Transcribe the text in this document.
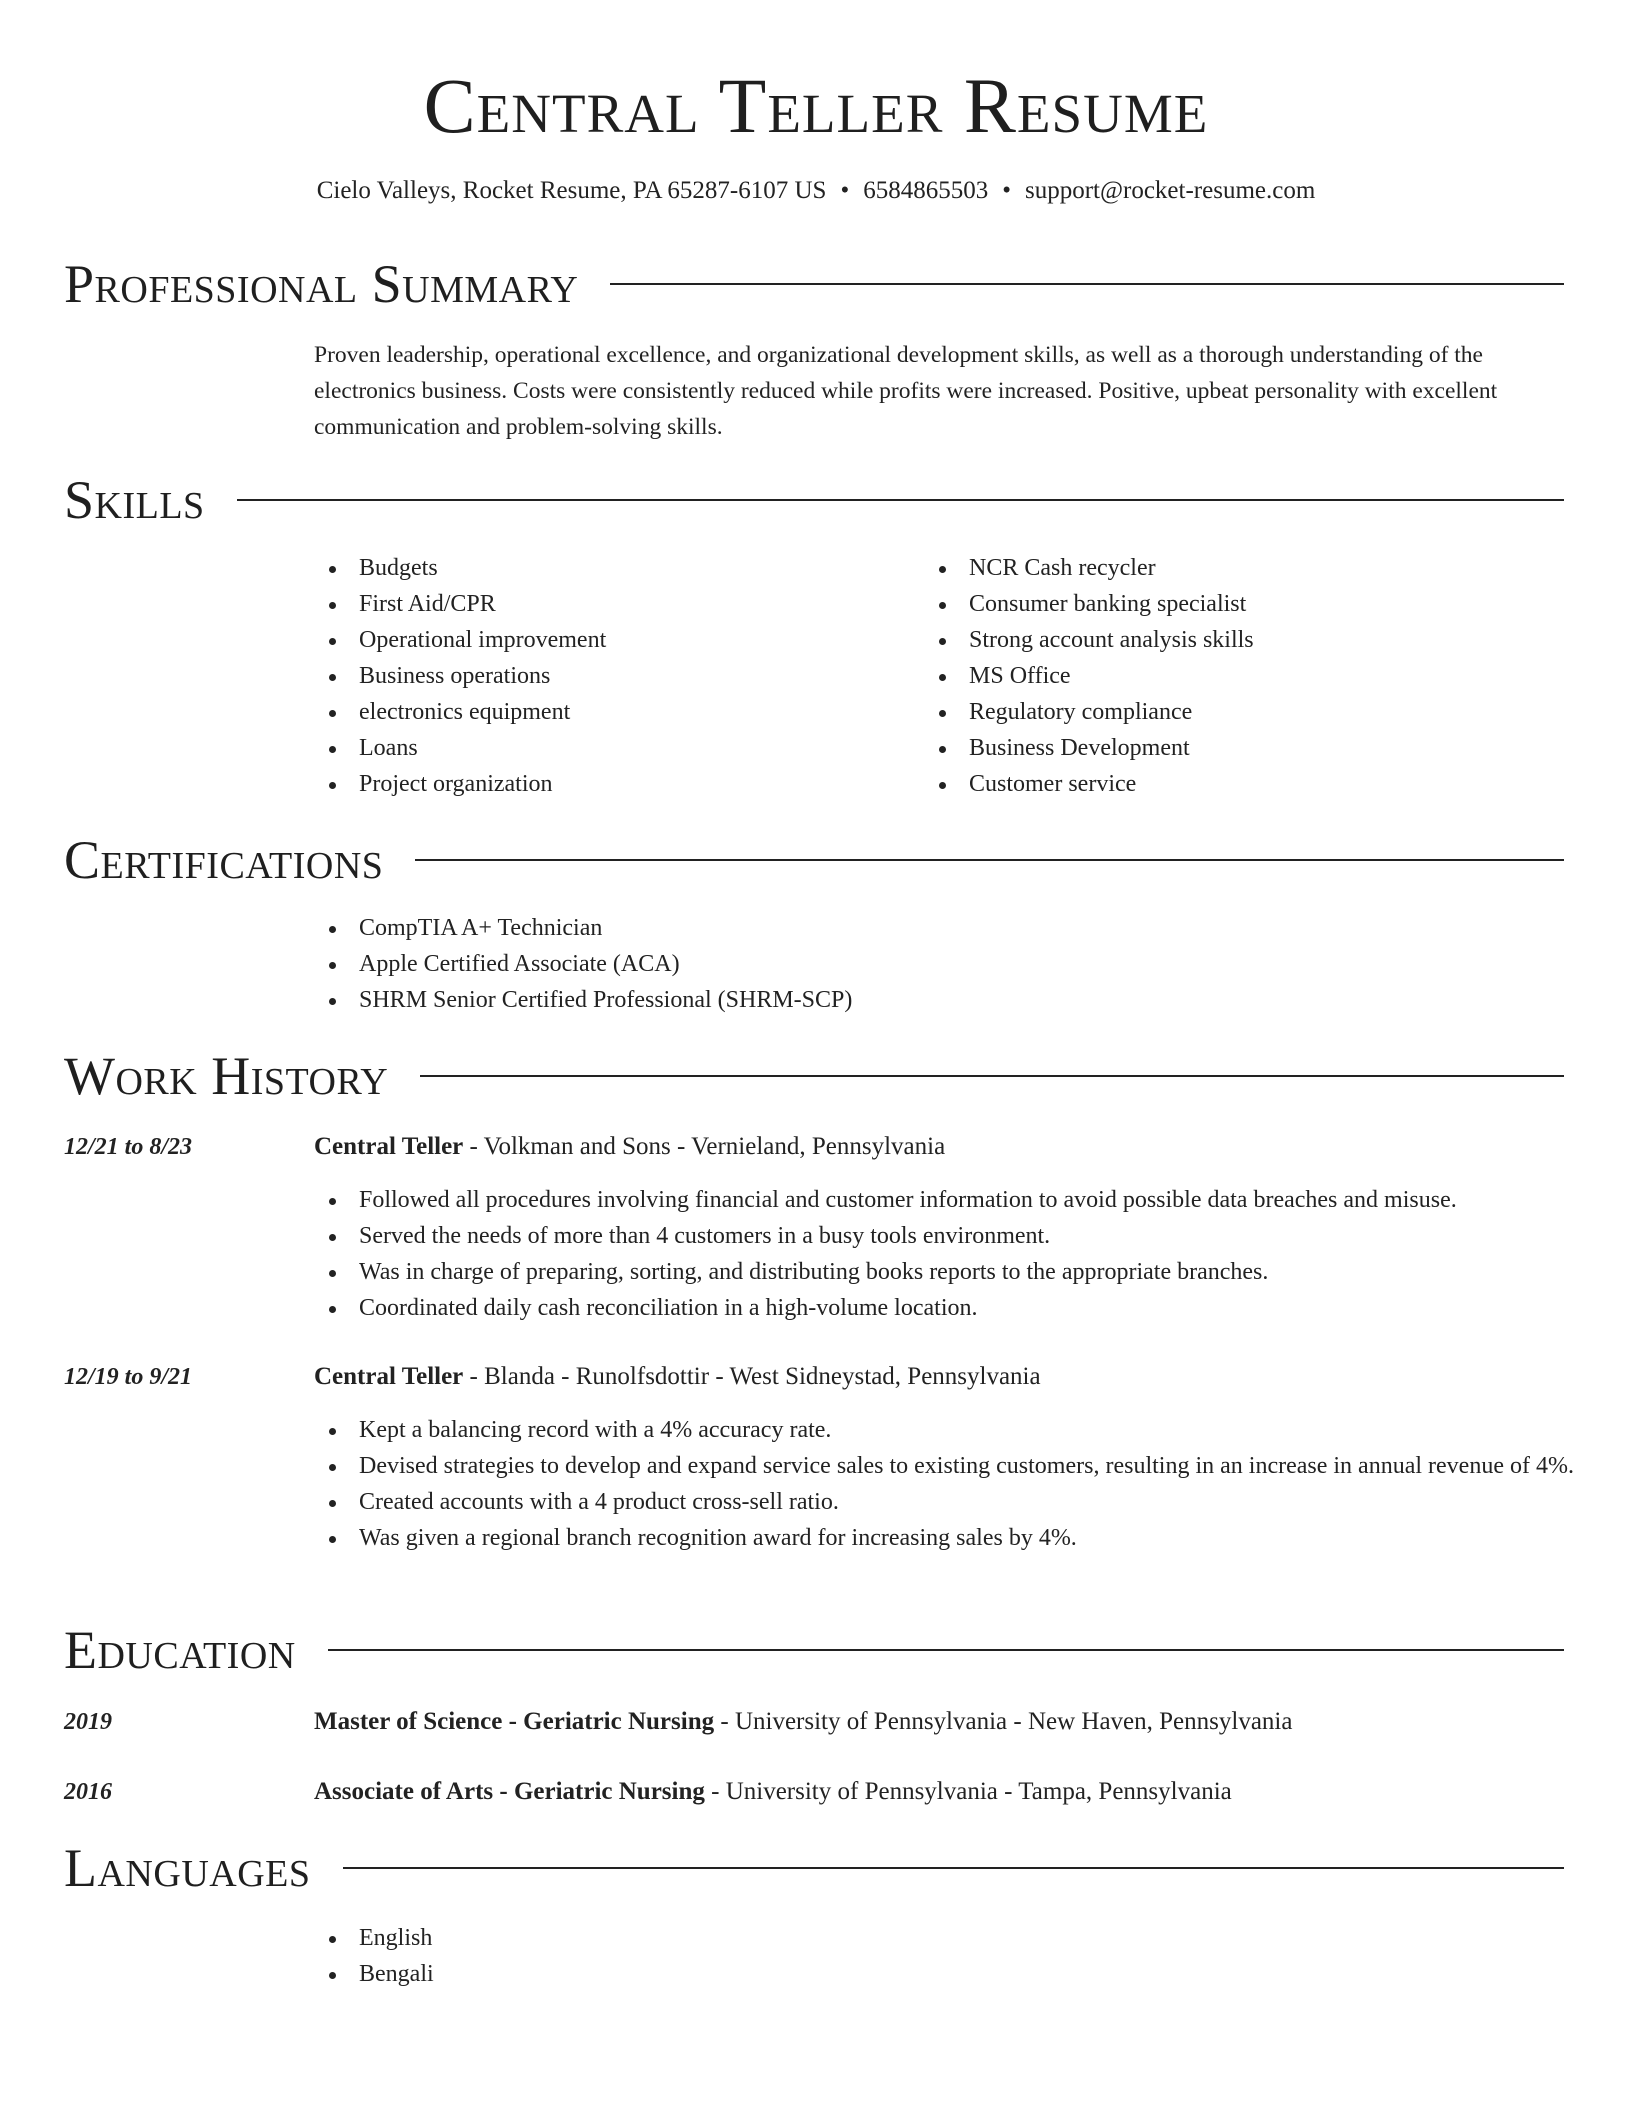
Central Teller Resume
Cielo Valleys, Rocket Resume, PA 65287-6107 US • 6584865503 • support@rocket-resume.com
Professional Summary

Proven leadership, operational excellence, and organizational development skills, as well as a thorough understanding of the electronics business. Costs were consistently reduced while profits were increased. Positive, upbeat personality with excellent communication and problem-solving skills.

Skills
Budgets
First Aid/CPR
Operational improvement
Business operations
electronics equipment
Loans
Project organization
NCR Cash recycler
Consumer banking specialist
Strong account analysis skills
MS Office
Regulatory compliance
Business Development
Customer service
Certifications
CompTIA A+ Technician
Apple Certified Associate (ACA)
SHRM Senior Certified Professional (SHRM-SCP)
Work History
12/21 to 8/23	Central Teller - Volkman and Sons - Vernieland, Pennsylvania
Followed all procedures involving financial and customer information to avoid possible data breaches and misuse.
Served the needs of more than 4 customers in a busy tools environment.
Was in charge of preparing, sorting, and distributing books reports to the appropriate branches.
Coordinated daily cash reconciliation in a high-volume location.
12/19 to 9/21	Central Teller - Blanda - Runolfsdottir - West Sidneystad, Pennsylvania
Kept a balancing record with a 4% accuracy rate.
Devised strategies to develop and expand service sales to existing customers, resulting in an increase in annual revenue of 4%.
Created accounts with a 4 product cross-sell ratio.
Was given a regional branch recognition award for increasing sales by 4%.
Education
2019	Master of Science - Geriatric Nursing - University of Pennsylvania - New Haven, Pennsylvania
2016	Associate of Arts - Geriatric Nursing - University of Pennsylvania - Tampa, Pennsylvania
Languages
English
Bengali
